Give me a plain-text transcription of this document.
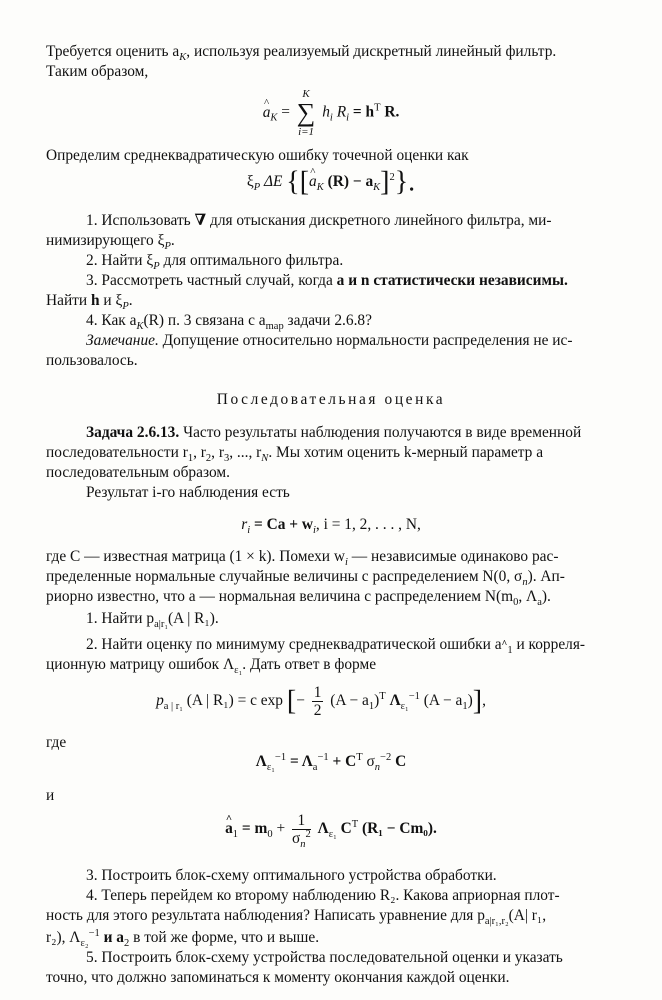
Требуется оценить $a_K$, используя реализуемый дискретный линейный фильтр.

Таким образом,

^ $a_K$ =
K
∑
i=1
$h_i$ $R_i = h^T$ R.

Определим среднеквадратическую ошибку точечной оценки как

$\xi_P$ ΔE {[^ $a_K$ $(R) - a_K]^2$}.

1. Использовать ∇ для отыскания дискретного линейного фильтра, ми-

нимизирующего $\xi_P$.

2. Найти $\xi_P$ для оптимального фильтра.

3. Рассмотреть частный случай, когда a и n статистически независимы.

Найти h и $\xi_P$.

4. Как $a_K(R)$ п. 3 связана с $a_{map}$ задачи 2.6.8?

Замечание. Допущение относительно нормальности распределения не ис-

пользовалось.

Последовательная оценка

Задача 2.6.13. Часто результаты наблюдения получаются в виде временной

последовательности $r_1$, $r_2$, $r_3$, ..., $r_N$. Мы хотим оценить k-мерный параметр a

последовательным образом.

Результат i-го наблюдения есть

$r_i = Ca + w_i$, i = 1, 2, . . . , N,

где C — известная матрица (1 × k). Помехи $w_i$ — независимые одинаково рас-

пределенные нормальные случайные величины с распределением N(0, $\sigma_n$). Ап-

риорно известно, что a — нормальная величина с распределением $N(m_0$, $\Lambda_a$).

1. Найти $p_{a|r_1}(A$ | R₁).

2. Найти оценку по минимуму среднеквадратической ошибки $a^{\^{}}_1$ и корреля-

ционную матрицу ошибок $\Lambda_{\varepsilon_1}$. Дать ответ в форме

$p_{a | r_1}$ (A | R₁) = c exp [− $\frac{1}{2} (A - a_1)^T$ $\Lambda_{\varepsilon_1}^{-1}$ $(A - a_1)$],

где

$\Lambda_{\varepsilon_1}^{-1} = \Lambda_a^{-1} + C^T$ $\sigma_n^{-2}$ C

и

^ $a_1 = m_0 + \frac{1}{\sigma_n^2} \Lambda_{\varepsilon_1}$ $C^T$ (R₁ − Cm₀).

3. Построить блок-схему оптимального устройства обработки.

4. Теперь перейдем ко второму наблюдению R₂. Какова априорная плот-

ность для этого результата наблюдения? Написать уравнение для $p_{a|r_1,r_2}(A|$ r₁,

r₂), $\Lambda_{\varepsilon_2}^{-1}$ и $a_2$ в той же форме, что и выше.

5. Построить блок-схему устройства последовательной оценки и указать

точно, что должно запоминаться к моменту окончания каждой оценки.
